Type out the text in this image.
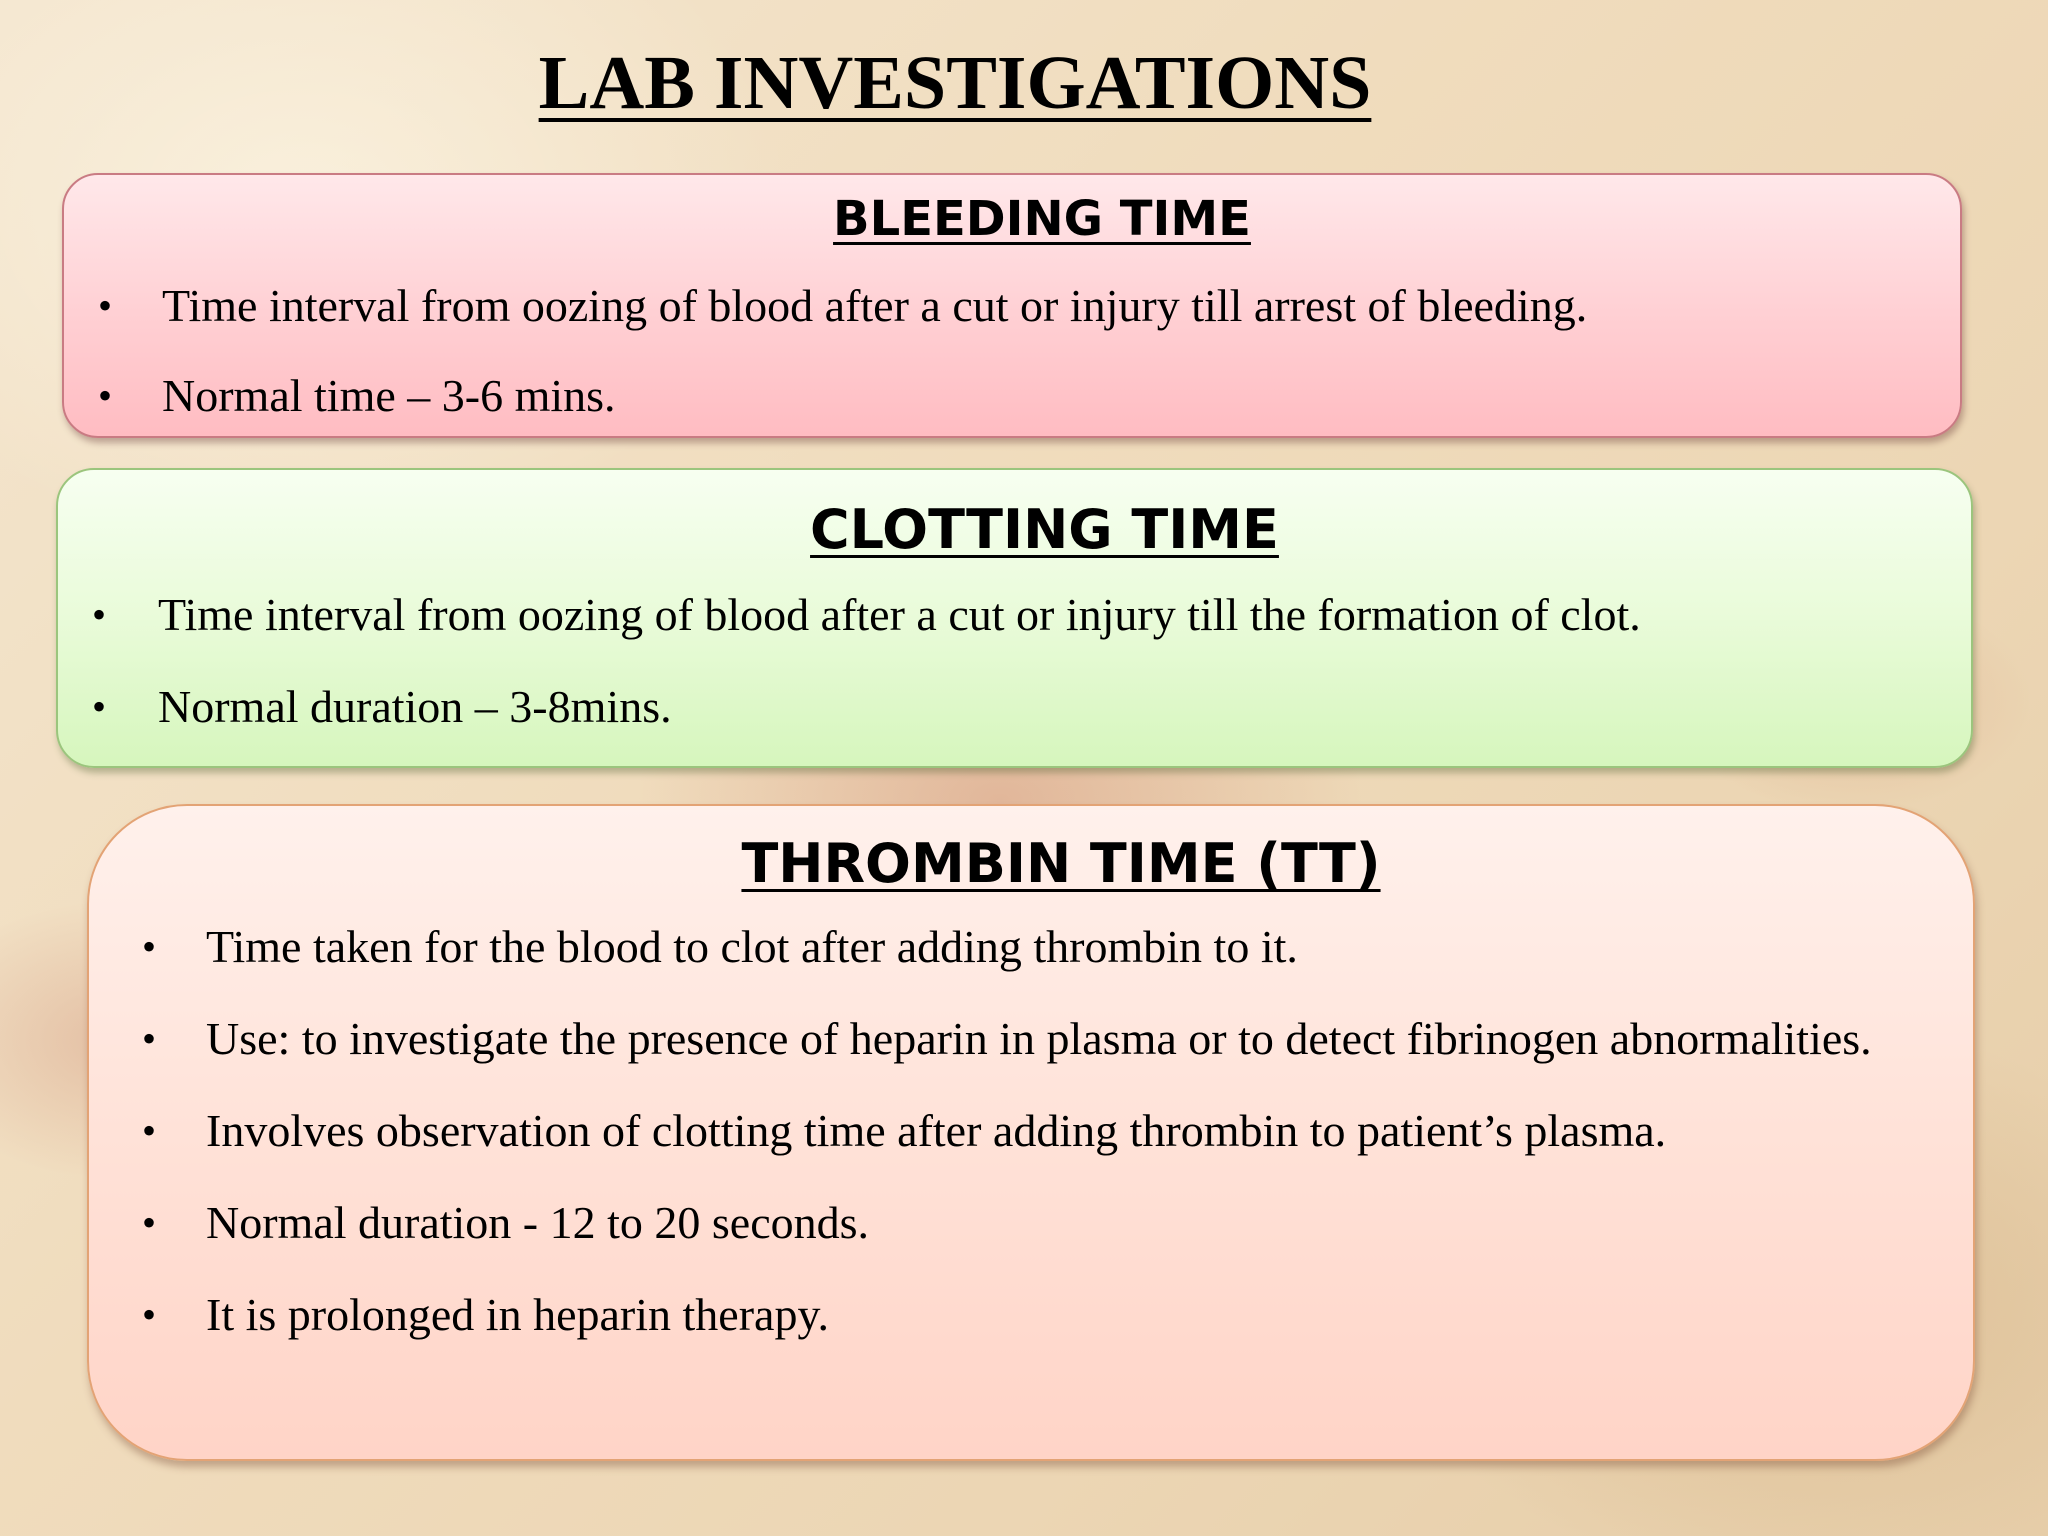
LAB INVESTIGATIONS
BLEEDING TIME
• Time interval from oozing of blood after a cut or injury till arrest of bleeding.
• Normal time – 3-6 mins.
CLOTTING TIME
• Time interval from oozing of blood after a cut or injury till the formation of clot.
• Normal duration – 3-8mins.
THROMBIN TIME (TT)
• Time taken for the blood to clot after adding thrombin to it.
• Use: to investigate the presence of heparin in plasma or to detect fibrinogen abnormalities.
• Involves observation of clotting time after adding thrombin to patient’s plasma.
• Normal duration - 12 to 20 seconds.
• It is prolonged in heparin therapy.
